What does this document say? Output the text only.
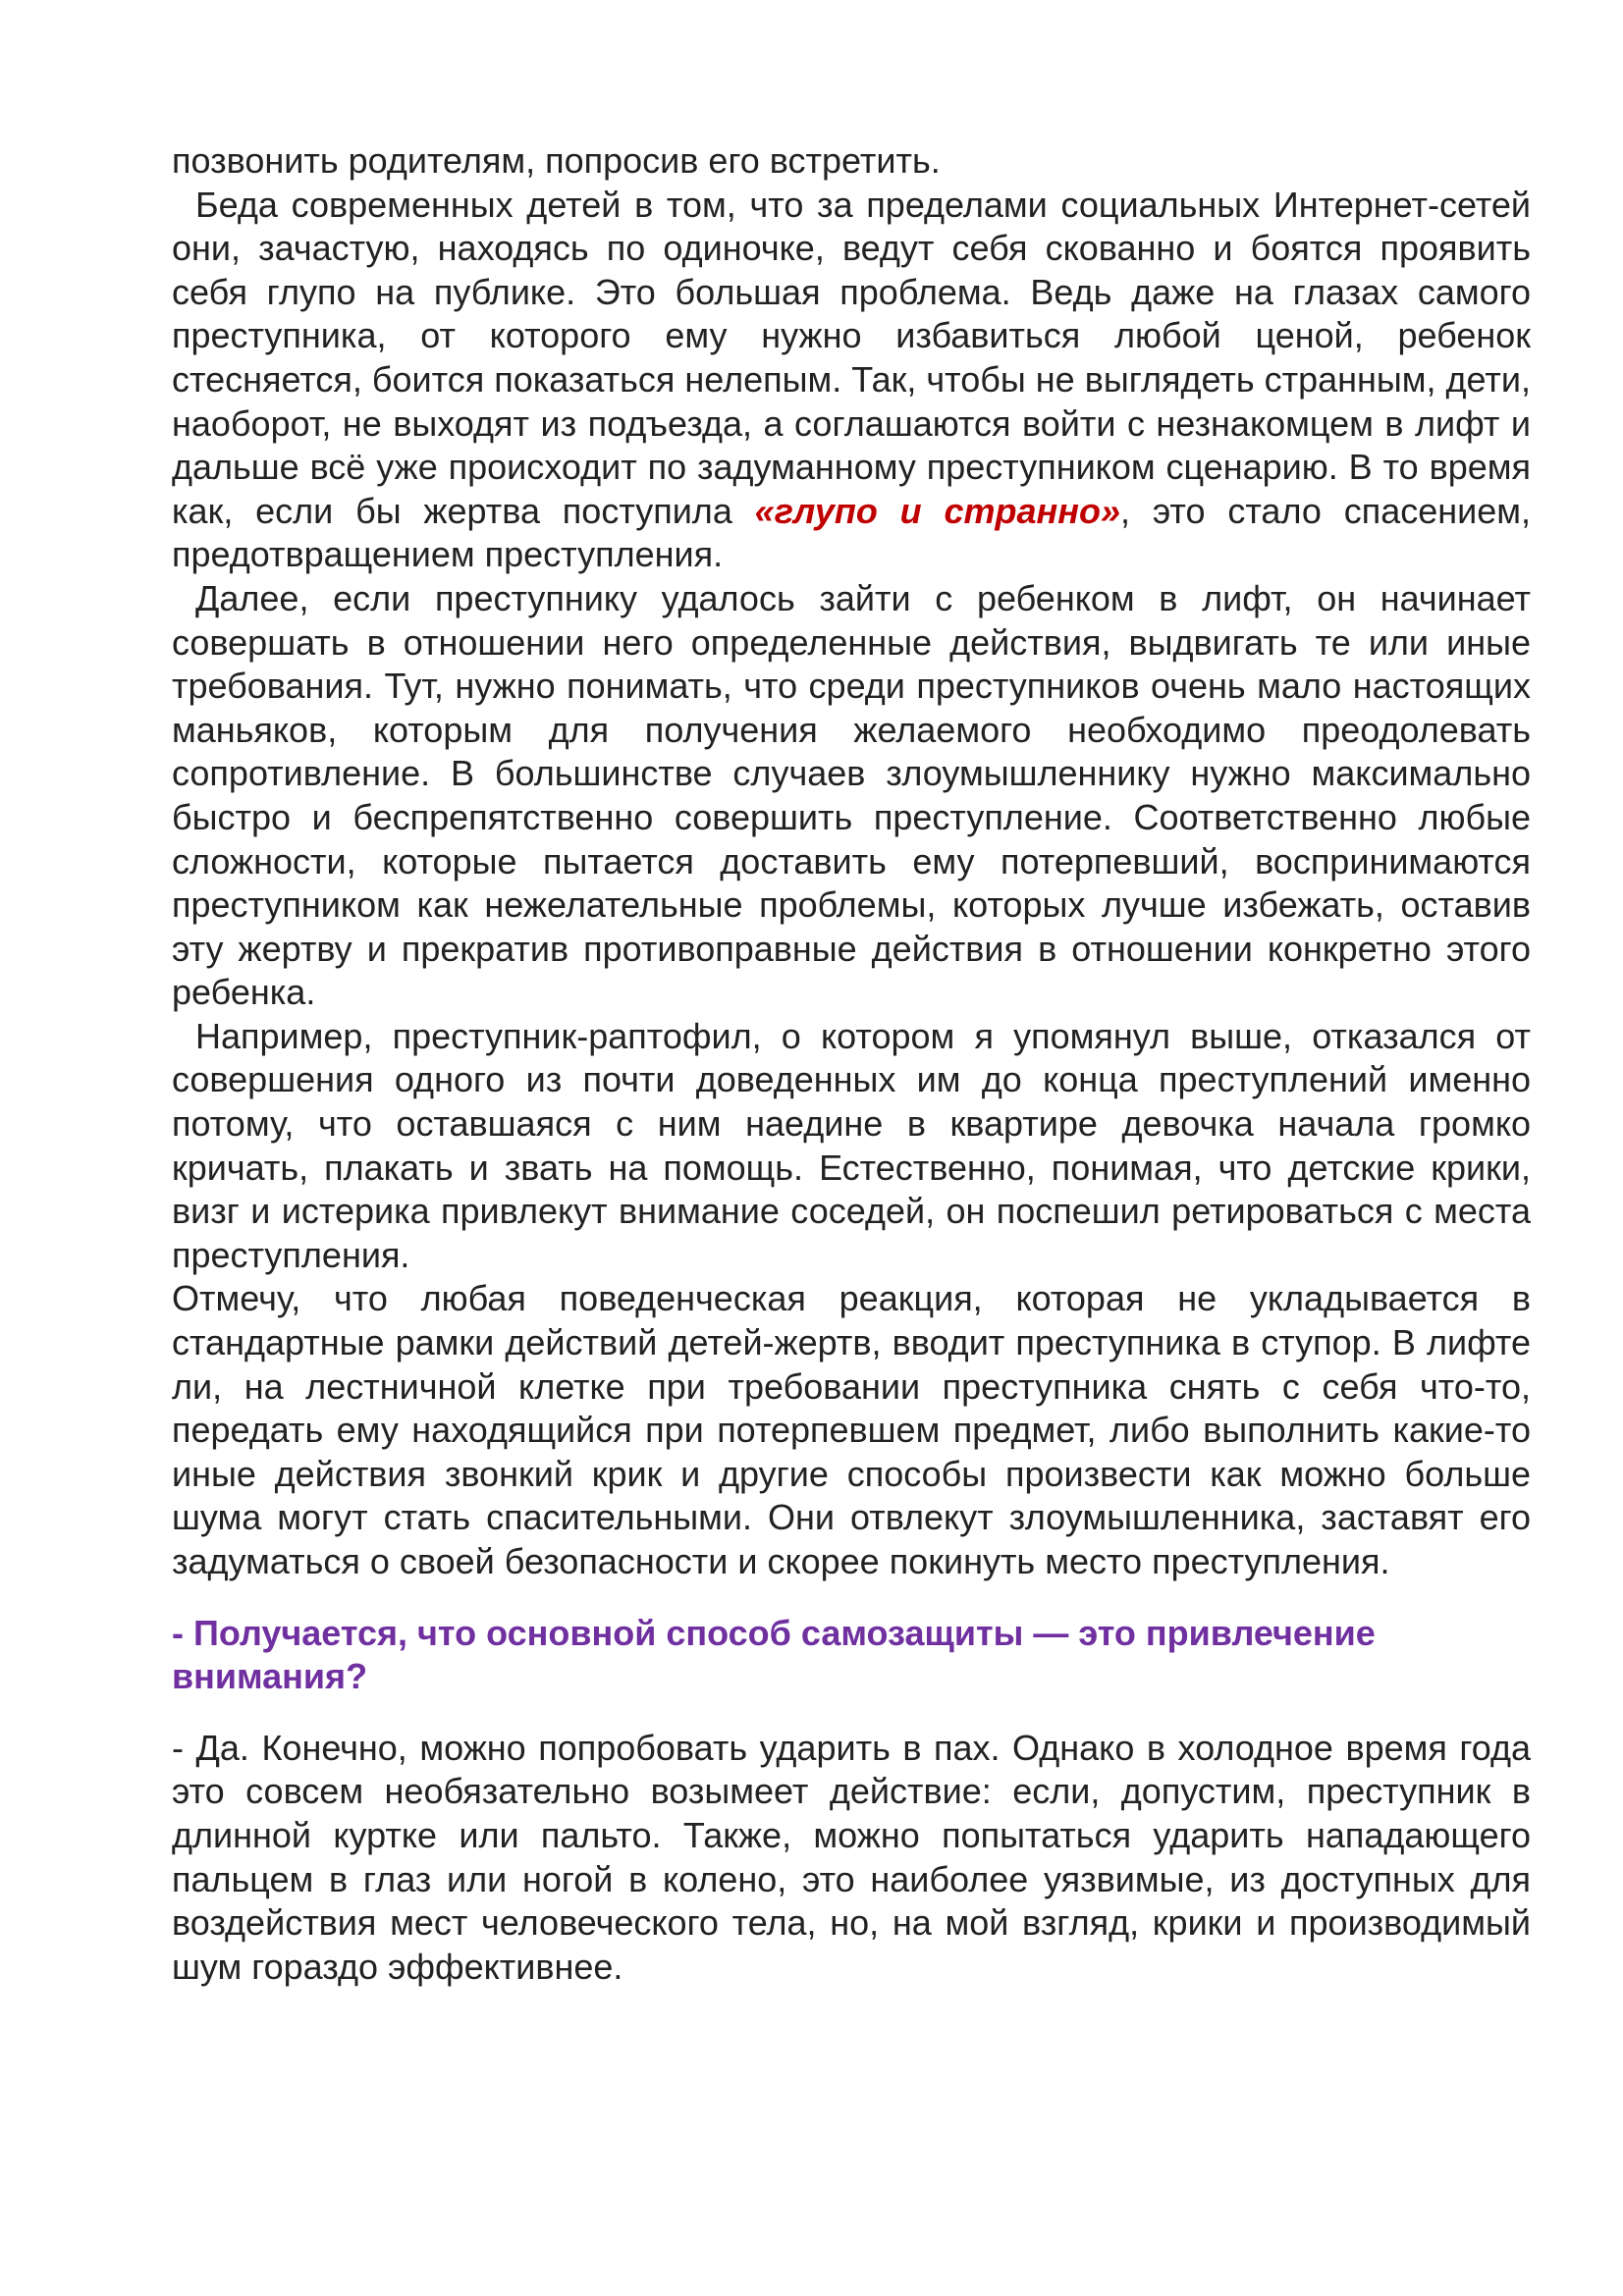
позвонить родителям, попросив его встретить.

Беда современных детей в том, что за пределами социальных Интернет-сетей они, зачастую, находясь по одиночке, ведут себя скованно и боятся проявить себя глупо на публике. Это большая проблема. Ведь даже на глазах самого преступника, от которого ему нужно избавиться любой ценой, ребенок стесняется, боится показаться нелепым. Так, чтобы не выглядеть странным, дети, наоборот, не выходят из подъезда, а соглашаются войти с незнакомцем в лифт и дальше всё уже происходит по задуманному преступником сценарию. В то время как, если бы жертва поступила «глупо и странно», это стало спасением, предотвращением преступления.

Далее, если преступнику удалось зайти с ребенком в лифт, он начинает совершать в отношении него определенные действия, выдвигать те или иные требования. Тут, нужно понимать, что среди преступников очень мало настоящих маньяков, которым для получения желаемого необходимо преодолевать сопротивление. В большинстве случаев злоумышленнику нужно максимально быстро и беспрепятственно совершить преступление. Соответственно любые сложности, которые пытается доставить ему потерпевший, воспринимаются преступником как нежелательные проблемы, которых лучше избежать, оставив эту жертву и прекратив противоправные действия в отношении конкретно этого ребенка.

Например, преступник-раптофил, о котором я упомянул выше, отказался от совершения одного из почти доведенных им до конца преступлений именно потому, что оставшаяся с ним наедине в квартире девочка начала громко кричать, плакать и звать на помощь. Естественно, понимая, что детские крики, визг и истерика привлекут внимание соседей, он поспешил ретироваться с места преступления.

Отмечу, что любая поведенческая реакция, которая не укладывается в стандартные рамки действий детей-жертв, вводит преступника в ступор. В лифте ли, на лестничной клетке при требовании преступника снять с себя что-то, передать ему находящийся при потерпевшем предмет, либо выполнить какие-то иные действия звонкий крик и другие способы произвести как можно больше шума могут стать спасительными. Они отвлекут злоумышленника, заставят его задуматься о своей безопасности и скорее покинуть место преступления.

- Получается, что основной способ самозащиты — это привлечение внимания?

- Да. Конечно, можно попробовать ударить в пах. Однако в холодное время года это совсем необязательно возымеет действие: если, допустим, преступник в длинной куртке или пальто. Также, можно попытаться ударить нападающего пальцем в глаз или ногой в колено, это наиболее уязвимые, из доступных для воздействия мест человеческого тела, но, на мой взгляд, крики и производимый шум гораздо эффективнее.
